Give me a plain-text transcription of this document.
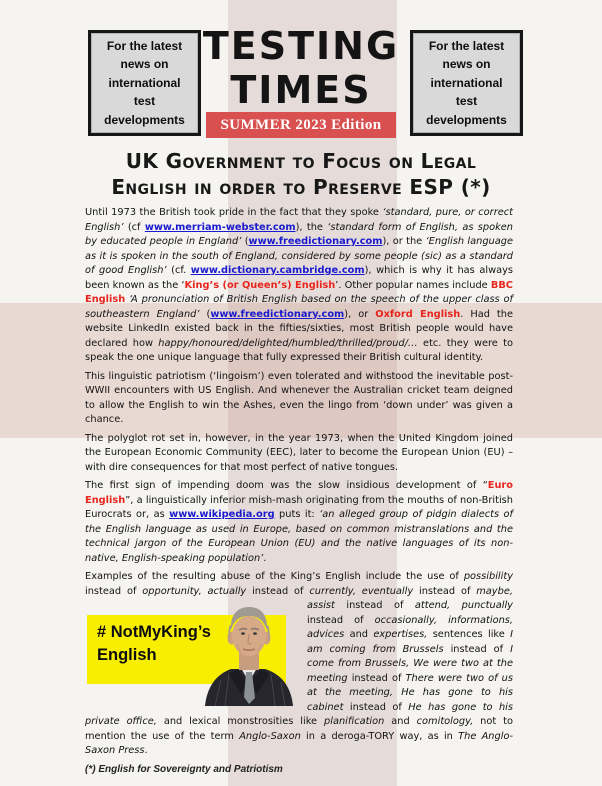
For the latest
news on
international
test
developments
TESTING
TIMES
SUMMER 2023 Edition
For the latest
news on
international
test
developments
UK Government to Focus on Legal
English in order to Preserve ESP (*)

Until 1973 the British took pride in the fact that they spoke ‘standard, pure, or correct English’ (cf www.merriam-webster.com), the ‘standard form of English, as spoken by educated people in England’ (www.freedictionary.com), or the ‘English language as it is spoken in the south of England, considered by some people (sic) as a standard of good English’ (cf. www.dictionary.cambridge.com), which is why it has always been known as the ‘King’s (or Queen’s) English’. Other popular names include BBC English ‘A pronunciation of British English based on the speech of the upper class of southeastern England’ (www.freedictionary.com), or Oxford English. Had the website LinkedIn existed back in the fifties/sixties, most British people would have declared how happy/honoured/delighted/humbled/thrilled/proud/… etc. they were to speak the one unique language that fully expressed their British cultural identity.

This linguistic patriotism (‘lingoism’) even tolerated and withstood the inevitable post-WWII encounters with US English. And whenever the Australian cricket team deigned to allow the English to win the Ashes, even the lingo from ‘down under’ was given a chance.

The polyglot rot set in, however, in the year 1973, when the United Kingdom joined the European Economic Community (EEC), later to become the European Union (EU) – with dire consequences for that most perfect of native tongues.

The first sign of impending doom was the slow insidious development of “Euro English”, a linguistically inferior mish-mash originating from the mouths of non-British Eurocrats or, as www.wikipedia.org puts it: ‘an alleged group of pidgin dialects of the English language as used in Europe, based on common mistranslations and the technical jargon of the European Union (EU) and the native languages of its non-native, English-speaking population’.

Examples of the resulting abuse of the King’s English include the use of possibility instead of opportunity, actually instead of currently, eventually instead of maybe,
# NotMyKing’s
English
assist instead of attend, punctually instead of occasionally, informations, advices and expertises, sentences like I am coming from Brussels instead of I come from Brussels, We were two at the meeting instead of There were two of us at the meeting, He has gone to his cabinet instead of He has gone to his private office, and lexical monstrosities like planification and comitology, not to mention the use of the term Anglo-Saxon in a deroga-TORY way, as in The Anglo-Saxon Press.

(*) English for Sovereignty and Patriotism
